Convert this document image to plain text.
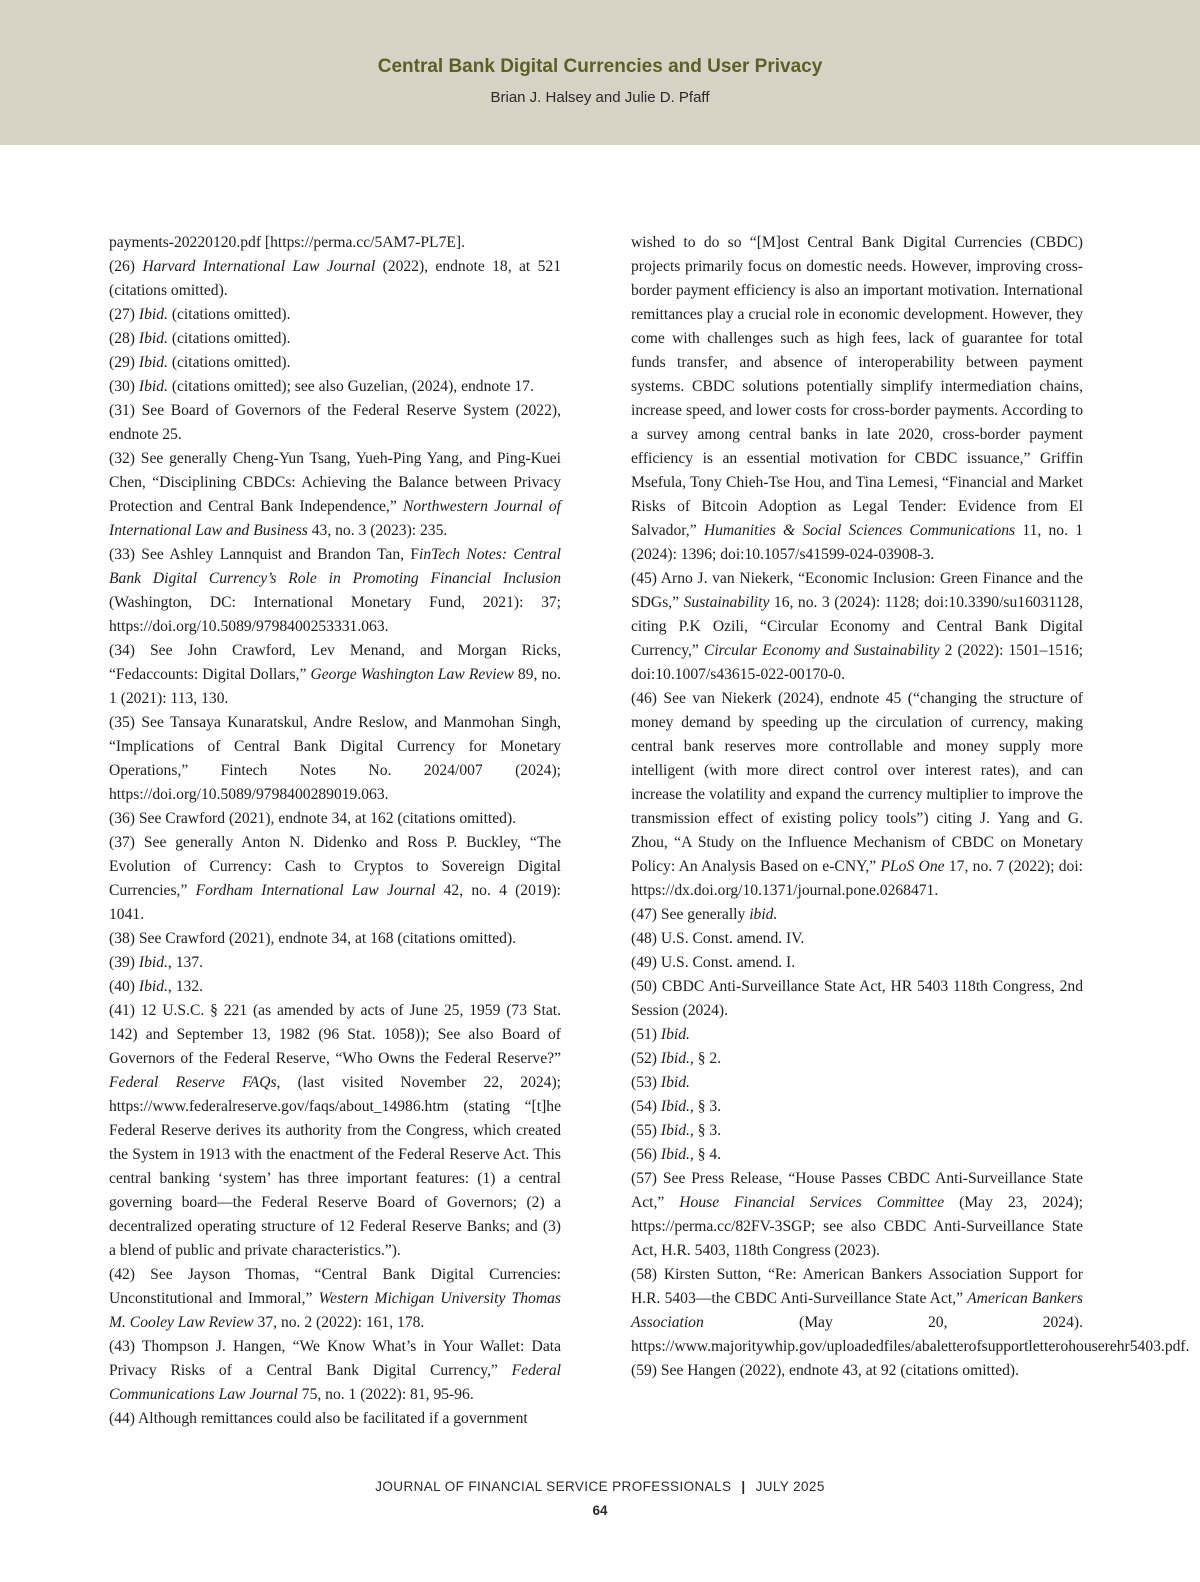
Central Bank Digital Currencies and User Privacy
Brian J. Halsey and Julie D. Pfaff

payments-20220120.pdf [https://perma.cc/5AM7-PL7E].

(26) Harvard International Law Journal (2022), endnote 18, at 521 (citations omitted).

(27) Ibid. (citations omitted).

(28) Ibid. (citations omitted).

(29) Ibid. (citations omitted).

(30) Ibid. (citations omitted); see also Guzelian, (2024), endnote 17.

(31) See Board of Governors of the Federal Reserve System (2022), endnote 25.

(32) See generally Cheng-Yun Tsang, Yueh-Ping Yang, and Ping-Kuei Chen, “Disciplining CBDCs: Achieving the Balance between Privacy Protection and Central Bank Independence,” Northwestern Journal of International Law and Business 43, no. 3 (2023): 235.

(33) See Ashley Lannquist and Brandon Tan, FinTech Notes: Central Bank Digital Currency’s Role in Promoting Financial Inclusion (Washington, DC: International Monetary Fund, 2021): 37; https://doi.org/10.5089/9798400253331.063.

(34) See John Crawford, Lev Menand, and Morgan Ricks, “Fedaccounts: Digital Dollars,” George Washington Law Review 89, no. 1 (2021): 113, 130.

(35) See Tansaya Kunaratskul, Andre Reslow, and Manmohan Singh, “Implications of Central Bank Digital Currency for Monetary Operations,” Fintech Notes No. 2024/007 (2024); https://doi.org/10.5089/9798400289019.063.

(36) See Crawford (2021), endnote 34, at 162 (citations omitted).

(37) See generally Anton N. Didenko and Ross P. Buckley, “The Evolution of Currency: Cash to Cryptos to Sovereign Digital Currencies,” Fordham International Law Journal 42, no. 4 (2019): 1041.

(38) See Crawford (2021), endnote 34, at 168 (citations omitted).

(39) Ibid., 137.

(40) Ibid., 132.

(41) 12 U.S.C. § 221 (as amended by acts of June 25, 1959 (73 Stat. 142) and September 13, 1982 (96 Stat. 1058)); See also Board of Governors of the Federal Reserve, “Who Owns the Federal Reserve?” Federal Reserve FAQs, (last visited November 22, 2024); https://www.federalreserve.gov/faqs/about_14986.htm (stating “[t]he Federal Reserve derives its authority from the Congress, which created the System in 1913 with the enactment of the Federal Reserve Act. This central banking ‘system’ has three important features: (1) a central governing board—the Federal Reserve Board of Governors; (2) a decentralized operating structure of 12 Federal Reserve Banks; and (3) a blend of public and private characteristics.”).

(42) See Jayson Thomas, “Central Bank Digital Currencies: Unconstitutional and Immoral,” Western Michigan University Thomas M. Cooley Law Review 37, no. 2 (2022): 161, 178.

(43) Thompson J. Hangen, “We Know What’s in Your Wallet: Data Privacy Risks of a Central Bank Digital Currency,” Federal Communications Law Journal 75, no. 1 (2022): 81, 95-96.

(44) Although remittances could also be facilitated if a government

wished to do so “[M]ost Central Bank Digital Currencies (CBDC) projects primarily focus on domestic needs. However, improving cross-border payment efficiency is also an important motivation. International remittances play a crucial role in economic development. However, they come with challenges such as high fees, lack of guarantee for total funds transfer, and absence of interoperability between payment systems. CBDC solutions potentially simplify intermediation chains, increase speed, and lower costs for cross-border payments. According to a survey among central banks in late 2020, cross-border payment efficiency is an essential motivation for CBDC issuance,” Griffin Msefula, Tony Chieh-Tse Hou, and Tina Lemesi, “Financial and Market Risks of Bitcoin Adoption as Legal Tender: Evidence from El Salvador,” Humanities & Social Sciences Communications 11, no. 1 (2024): 1396; doi:10.1057/s41599-024-03908-3.

(45) Arno J. van Niekerk, “Economic Inclusion: Green Finance and the SDGs,” Sustainability 16, no. 3 (2024): 1128; doi:10.3390/su16031128, citing P.K Ozili, “Circular Economy and Central Bank Digital Currency,” Circular Economy and Sustainability 2 (2022): 1501–1516; doi:10.1007/s43615-022-00170-0.

(46) See van Niekerk (2024), endnote 45 (“changing the structure of money demand by speeding up the circulation of currency, making central bank reserves more controllable and money supply more intelligent (with more direct control over interest rates), and can increase the volatility and expand the currency multiplier to improve the transmission effect of existing policy tools”) citing J. Yang and G. Zhou, “A Study on the Influence Mechanism of CBDC on Monetary Policy: An Analysis Based on e-CNY,” PLoS One 17, no. 7 (2022); doi: https://dx.doi.org/10.1371/journal.pone.0268471.

(47) See generally ibid.

(48) U.S. Const. amend. IV.

(49) U.S. Const. amend. I.

(50) CBDC Anti-Surveillance State Act, HR 5403 118th Congress, 2nd Session (2024).

(51) Ibid.

(52) Ibid., § 2.

(53) Ibid.

(54) Ibid., § 3.

(55) Ibid., § 3.

(56) Ibid., § 4.

(57) See Press Release, “House Passes CBDC Anti-Surveillance State Act,” House Financial Services Committee (May 23, 2024); https://perma.cc/82FV-3SGP; see also CBDC Anti-Surveillance State Act, H.R. 5403, 118th Congress (2023).

(58) Kirsten Sutton, “Re: American Bankers Association Support for H.R. 5403—the CBDC Anti-Surveillance State Act,” American Bankers Association (May 20, 2024). https://www.majoritywhip.gov/uploadedfiles/abaletterofsupportletterohouserehr5403.pdf.

(59) See Hangen (2022), endnote 43, at 92 (citations omitted).

JOURNAL OF FINANCIAL SERVICE PROFESSIONALS | JULY 2025
64
